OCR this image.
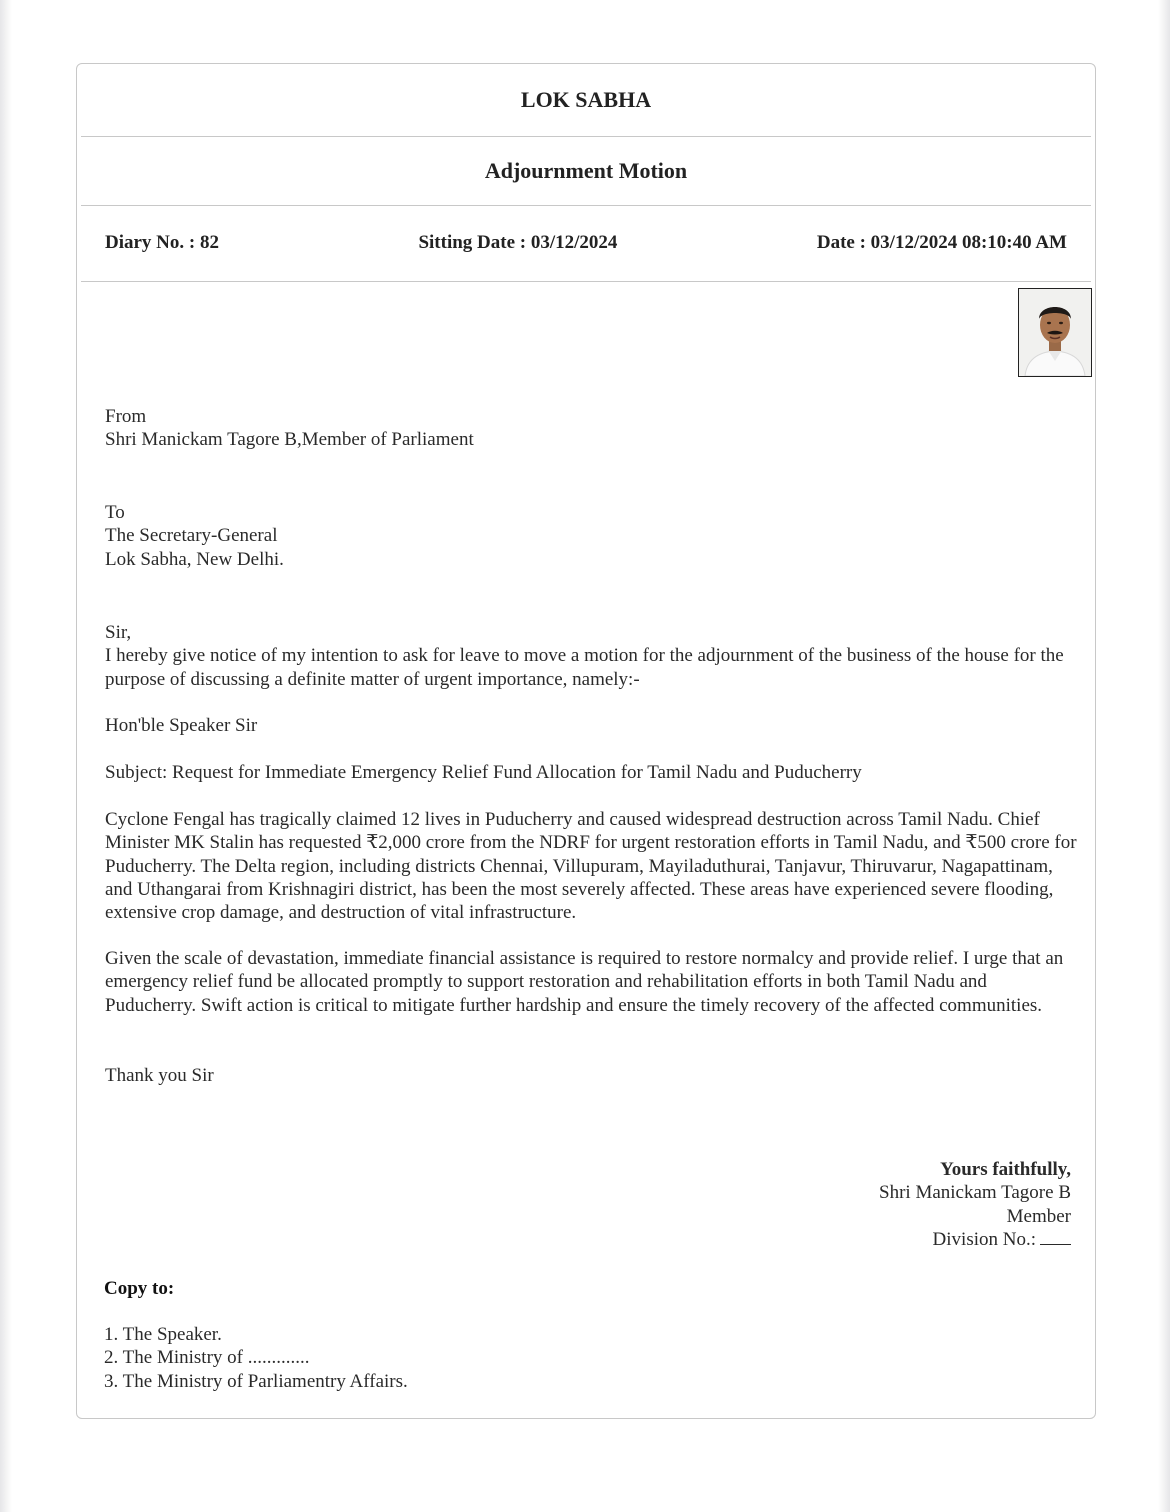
LOK SABHA
Adjournment Motion
Diary No. : 82	Sitting Date : 03/12/2024	Date : 03/12/2024 08:10:40 AM
From
Shri Manickam Tagore B,Member of Parliament
To
The Secretary-General
Lok Sabha, New Delhi.
Sir,
I hereby give notice of my intention to ask for leave to move a motion for the adjournment of the business of the house for the purpose of discussing a definite matter of urgent importance, namely:-
Hon'ble Speaker Sir
Subject: Request for Immediate Emergency Relief Fund Allocation for Tamil Nadu and Puducherry
Cyclone Fengal has tragically claimed 12 lives in Puducherry and caused widespread destruction across Tamil Nadu. Chief Minister MK Stalin has requested ₹2,000 crore from the NDRF for urgent restoration efforts in Tamil Nadu, and ₹500 crore for Puducherry. The Delta region, including districts Chennai, Villupuram, Mayiladuthurai, Tanjavur, Thiruvarur, Nagapattinam, and Uthangarai from Krishnagiri district, has been the most severely affected. These areas have experienced severe flooding, extensive crop damage, and destruction of vital infrastructure.
Given the scale of devastation, immediate financial assistance is required to restore normalcy and provide relief. I urge that an emergency relief fund be allocated promptly to support restoration and rehabilitation efforts in both Tamil Nadu and Puducherry. Swift action is critical to mitigate further hardship and ensure the timely recovery of the affected communities.
Thank you Sir
Yours faithfully,
Shri Manickam Tagore B
Member
Division No.:
Copy to:
1. The Speaker.
2. The Ministry of .............
3. The Ministry of Parliamentry Affairs.
